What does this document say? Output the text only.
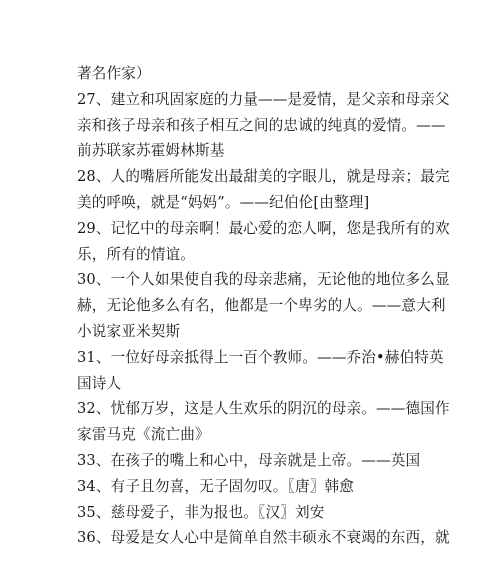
著名作家）
27、建立和巩固家庭的力量——是爱情，是父亲和母亲父
亲和孩子母亲和孩子相互之间的忠诚的纯真的爱情。——
前苏联家苏霍姆林斯基
28、人的嘴唇所能发出最甜美的字眼儿，就是母亲；最完
美的呼唤，就是“妈妈”。——纪伯伦[由整理]
29、记忆中的母亲啊！最心爱的恋人啊，您是我所有的欢
乐，所有的情谊。
30、一个人如果使自我的母亲悲痛，无论他的地位多么显
赫，无论他多么有名，他都是一个卑劣的人。——意大利
小说家亚米契斯
31、一位好母亲抵得上一百个教师。——乔治•赫伯特英
国诗人
32、忧郁万岁，这是人生欢乐的阴沉的母亲。——德国作
家雷马克《流亡曲》
33、在孩子的嘴上和心中，母亲就是上帝。——英国
34、有子且勿喜，无子固勿叹。〖唐〗韩愈
35、慈母爱子，非为报也。〖汉〗刘安
36、母爱是女人心中是简单自然丰硕永不衰竭的东西，就
